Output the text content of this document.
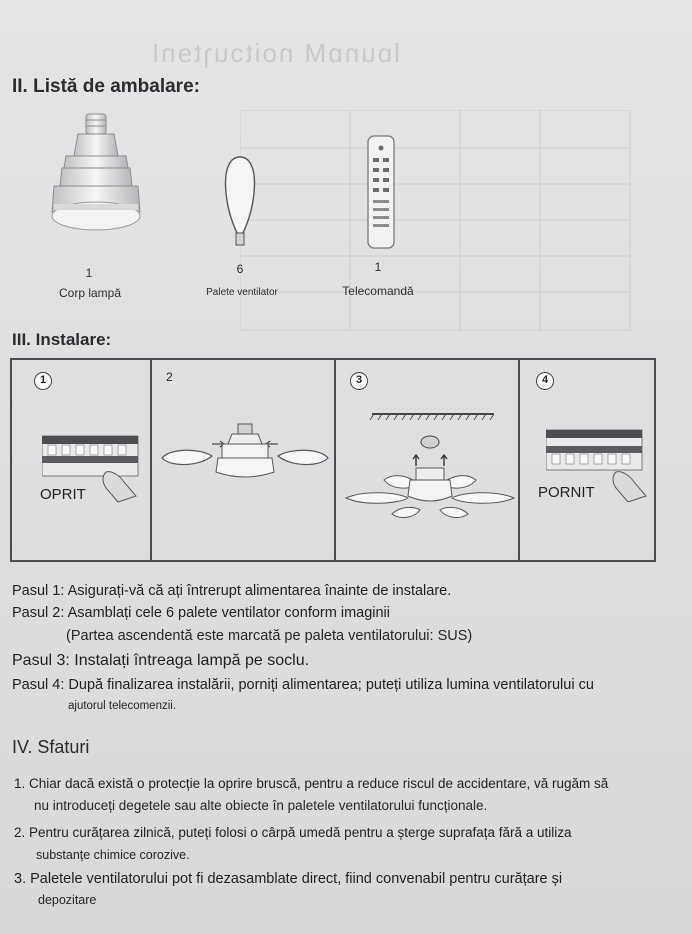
lɒunɒM noitɔuɿtɘnI
II. Listă de ambalare:
1	6	1
Corp lampă	Palete ventilator	Telecomandă
III. Instalare:
1
OPRIT
2	3	4
PORNIT
Pasul 1: Asigurați-vă că ați întrerupt alimentarea înainte de instalare.
Pasul 2: Asamblați cele 6 palete ventilator conform imaginii
(Partea ascendentă este marcată pe paleta ventilatorului: SUS)
Pasul 3: Instalați întreaga lampă pe soclu.
Pasul 4: După finalizarea instalării, porniți alimentarea; puteți utiliza lumina ventilatorului cu
ajutorul telecomenzii.
IV. Sfaturi
1. Chiar dacă există o protecție la oprire bruscă, pentru a reduce riscul de accidentare, vă rugăm să
nu introduceți degetele sau alte obiecte în paletele ventilatorului funcționale.
2. Pentru curățarea zilnică, puteți folosi o cârpă umedă pentru a șterge suprafața fără a utiliza
substanțe chimice corozive.
3. Paletele ventilatorului pot fi dezasamblate direct, fiind convenabil pentru curățare și
depozitare
